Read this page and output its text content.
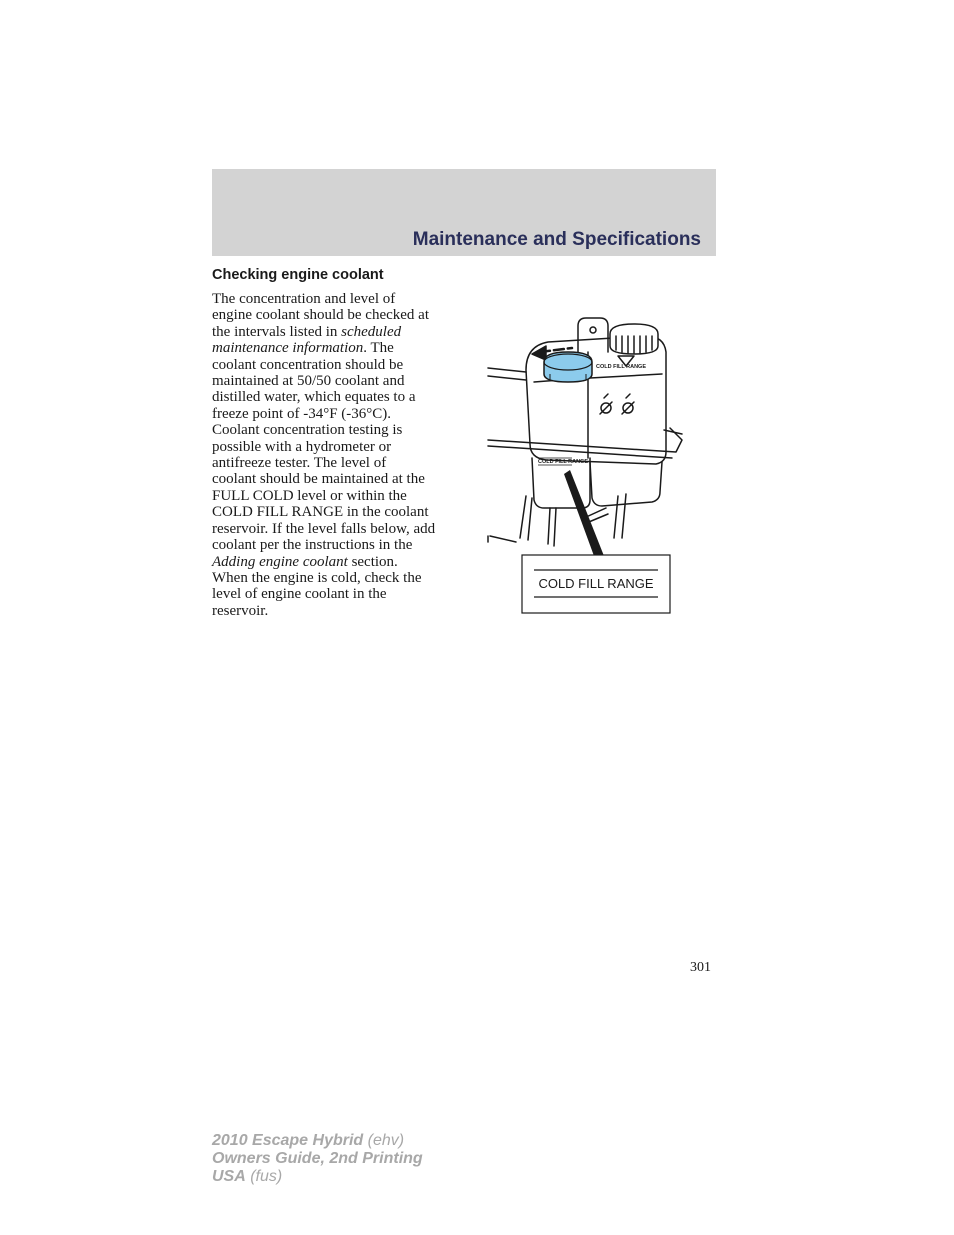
Maintenance and Specifications
Checking engine coolant
The concentration and level of
engine coolant should be checked at
the intervals listed in scheduled
maintenance information. The
coolant concentration should be
maintained at 50/50 coolant and
distilled water, which equates to a
freeze point of -34°F (-36°C).
Coolant concentration testing is
possible with a hydrometer or
antifreeze tester. The level of
coolant should be maintained at the
FULL COLD level or within the
COLD FILL RANGE in the coolant
reservoir. If the level falls below, add
coolant per the instructions in the
Adding engine coolant section.
When the engine is cold, check the
level of engine coolant in the
reservoir.
COLD FILL RANGE
COLD FILL RANGE
COLD FILL RANGE
301
2010 Escape Hybrid (ehv)
Owners Guide, 2nd Printing
USA (fus)
